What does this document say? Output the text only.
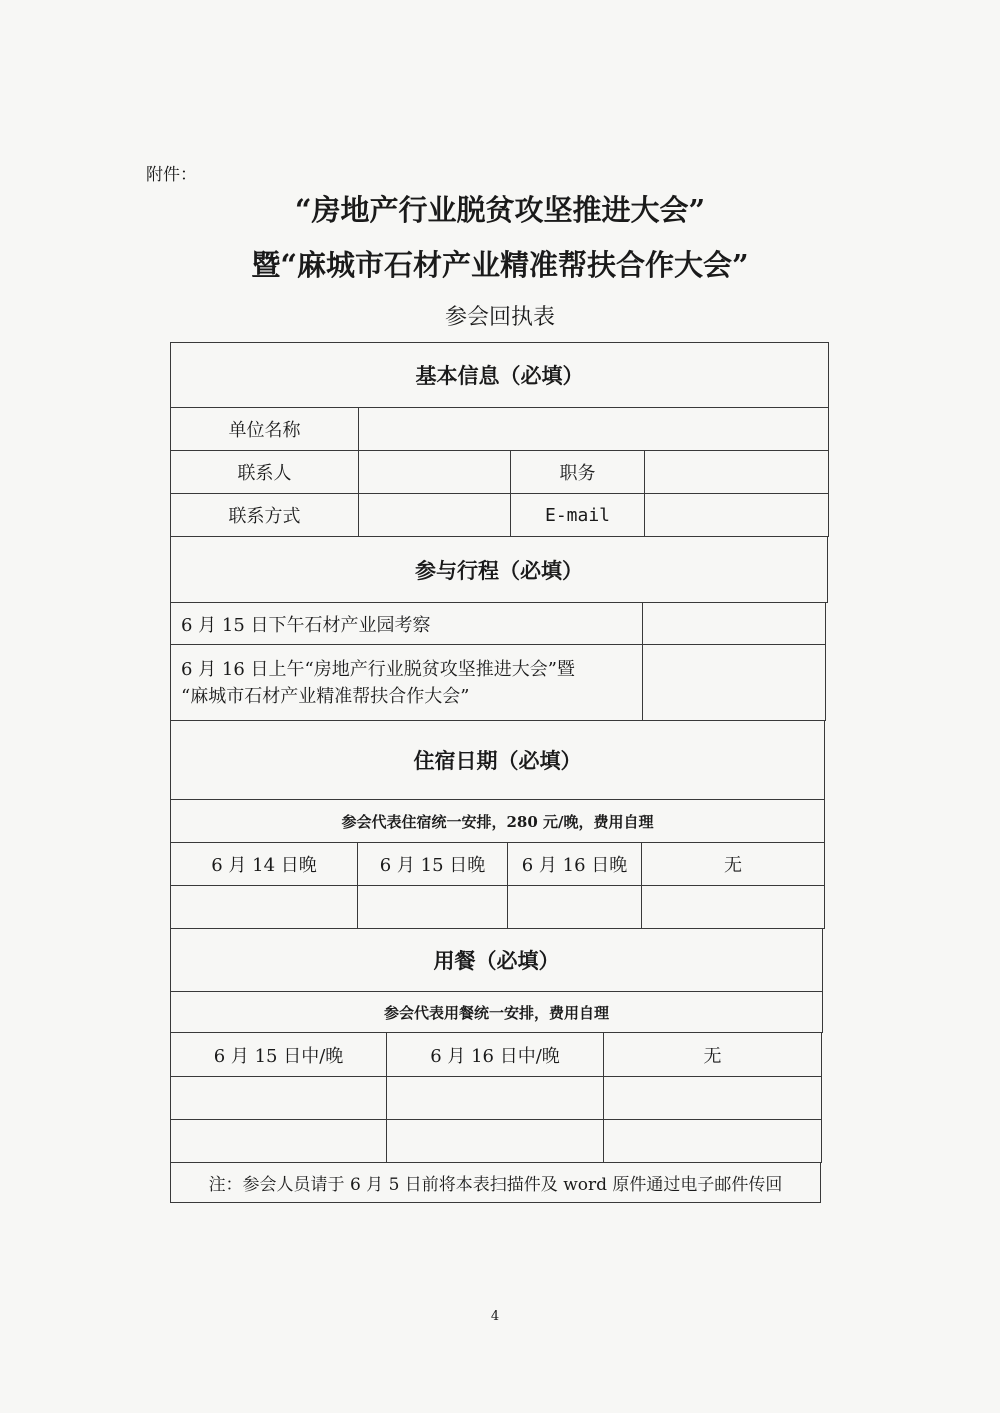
附件：
“房地产行业脱贫攻坚推进大会”
暨“麻城市石材产业精准帮扶合作大会”
参会回执表
基本信息（必填）
单位名称
联系人	职务
联系方式	E-mail
参与行程（必填）
6 月 15 日下午石材产业园考察
6 月 16 日上午“房地产行业脱贫攻坚推进大会”暨
“麻城市石材产业精准帮扶合作大会”
住宿日期（必填）
参会代表住宿统一安排，280 元/晚，费用自理
6 月 14 日晚	6 月 15 日晚	6 月 16 日晚	无
用餐（必填）
参会代表用餐统一安排，费用自理
6 月 15 日中/晚	6 月 16 日中/晚	无
注：参会人员请于 6 月 5 日前将本表扫描件及 word 原件通过电子邮件传回
4
